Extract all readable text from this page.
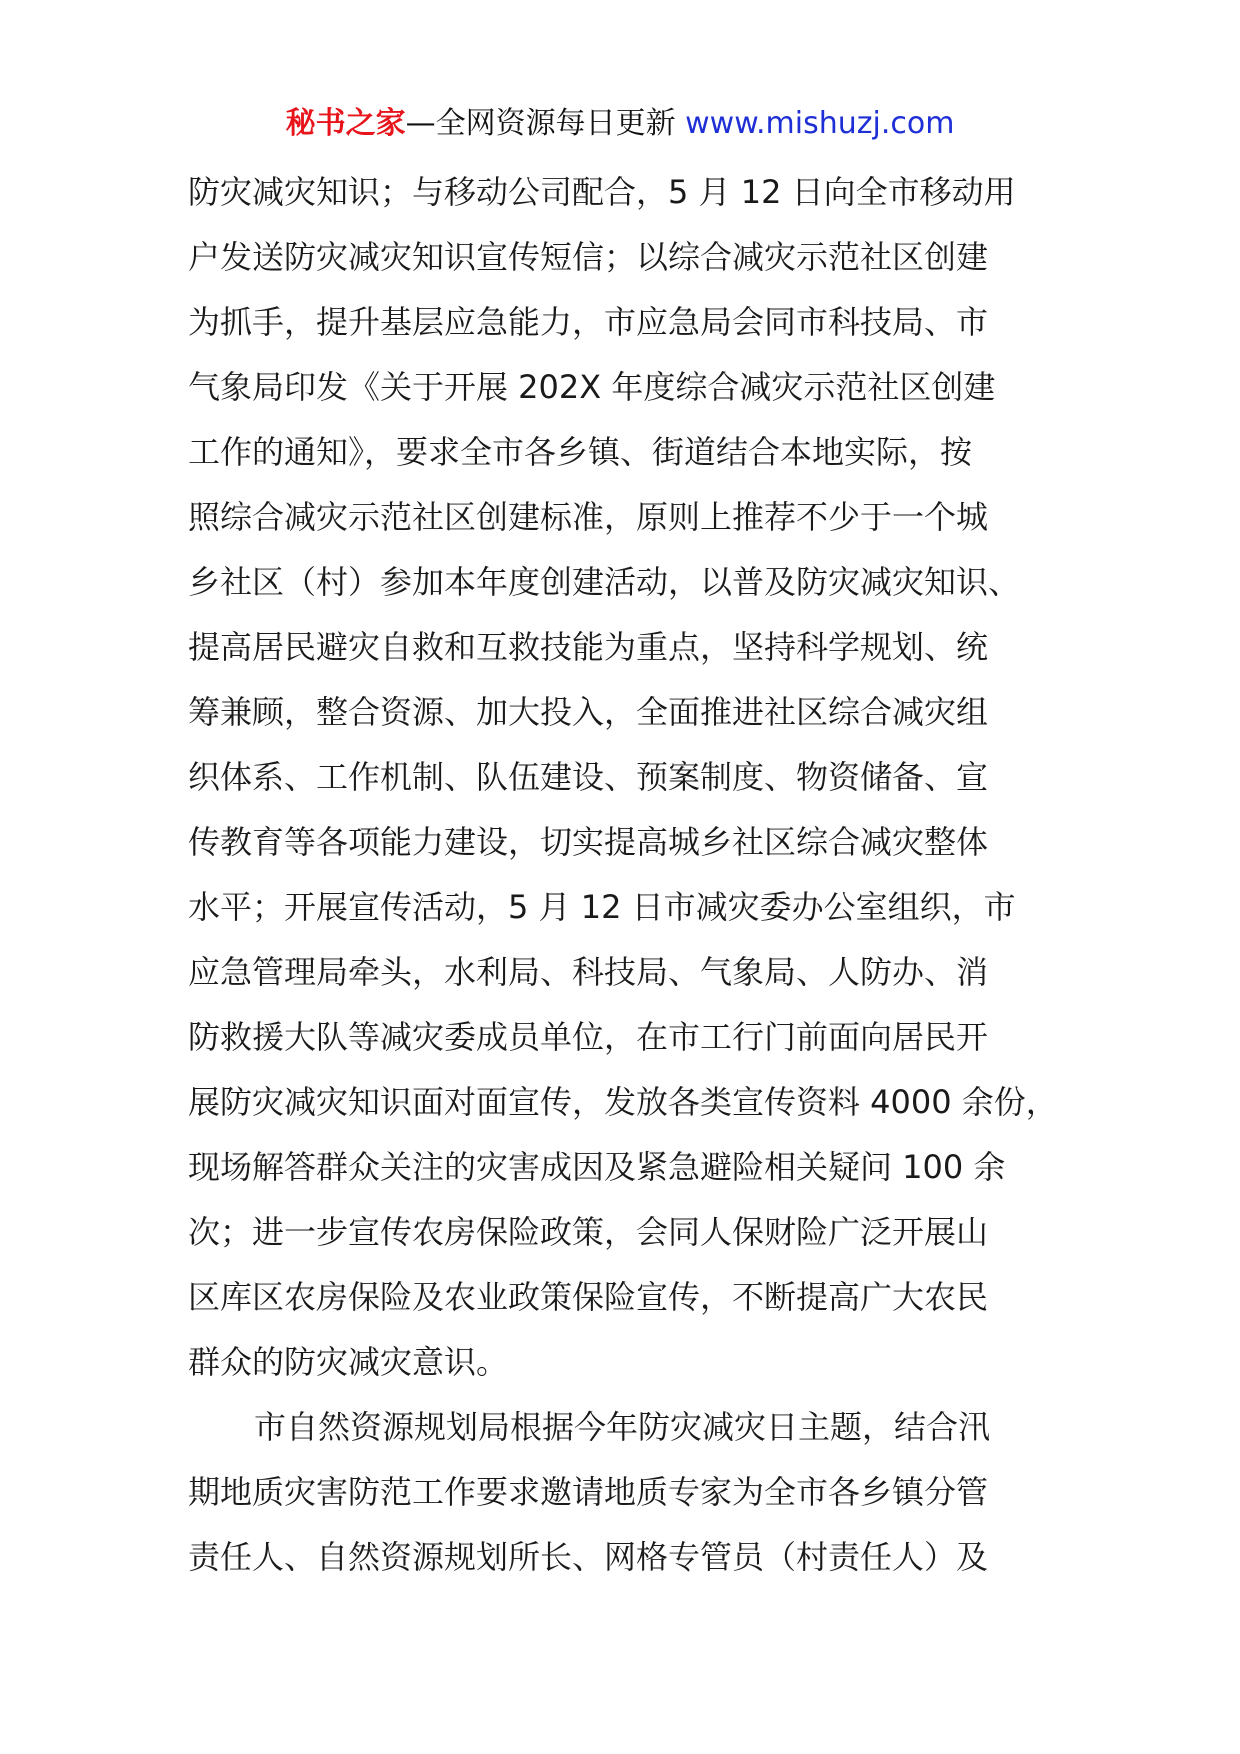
秘书之家—全网资源每日更新 www.mishuzj.com
防灾减灾知识；与移动公司配合，5 月 12 日向全市移动用
户发送防灾减灾知识宣传短信；以综合减灾示范社区创建
为抓手，提升基层应急能力，市应急局会同市科技局、市
气象局印发《关于开展 202X 年度综合减灾示范社区创建
工作的通知》，要求全市各乡镇、街道结合本地实际，按
照综合减灾示范社区创建标准，原则上推荐不少于一个城
乡社区（村）参加本年度创建活动，以普及防灾减灾知识、
提高居民避灾自救和互救技能为重点，坚持科学规划、统
筹兼顾，整合资源、加大投入，全面推进社区综合减灾组
织体系、工作机制、队伍建设、预案制度、物资储备、宣
传教育等各项能力建设，切实提高城乡社区综合减灾整体
水平；开展宣传活动，5 月 12 日市减灾委办公室组织，市
应急管理局牵头，水利局、科技局、气象局、人防办、消
防救援大队等减灾委成员单位，在市工行门前面向居民开
展防灾减灾知识面对面宣传，发放各类宣传资料 4000 余份，
现场解答群众关注的灾害成因及紧急避险相关疑问 100 余
次；进一步宣传农房保险政策，会同人保财险广泛开展山
区库区农房保险及农业政策保险宣传，不断提高广大农民
群众的防灾减灾意识。
市自然资源规划局根据今年防灾减灾日主题，结合汛
期地质灾害防范工作要求邀请地质专家为全市各乡镇分管
责任人、自然资源规划所长、网格专管员（村责任人）及
